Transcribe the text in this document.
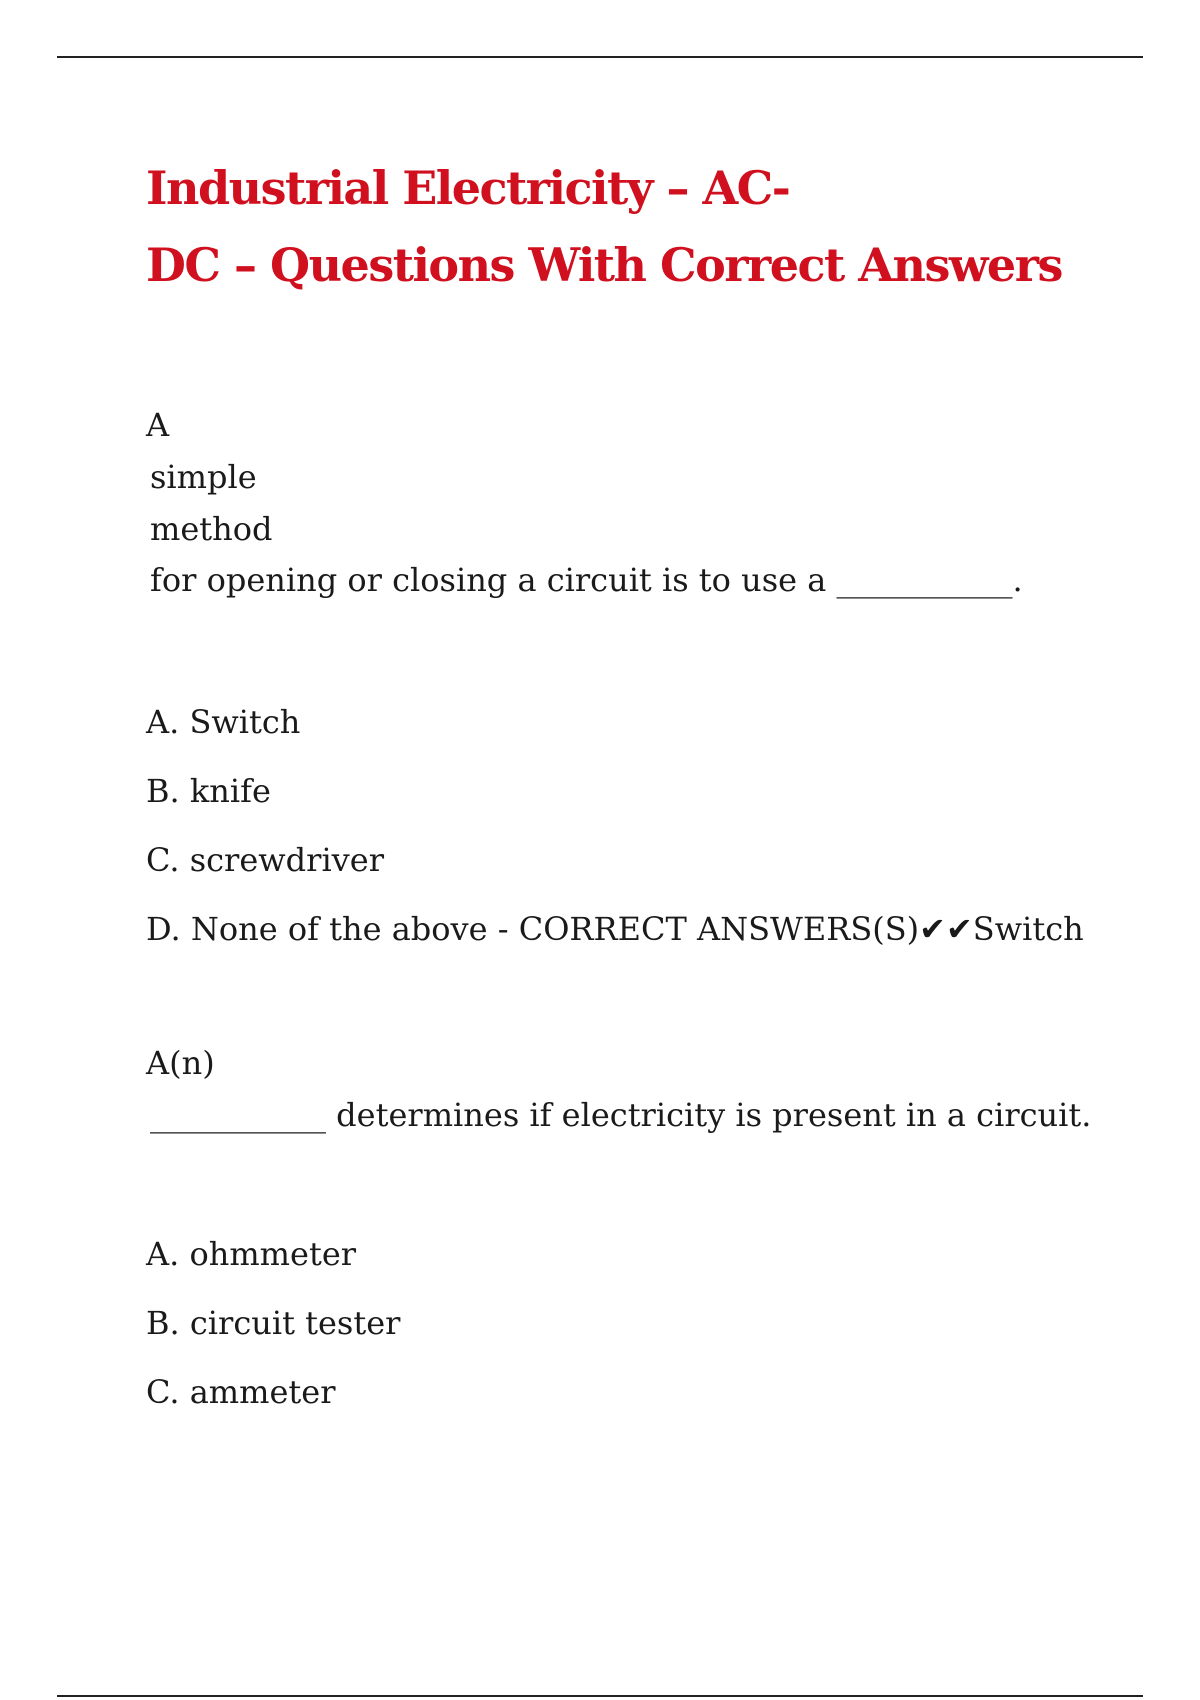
Industrial Electricity – AC-
DC – Questions With Correct Answers
A
simple
method
for opening or closing a circuit is to use a ___________.
A. Switch
B. knife
C. screwdriver
D. None of the above - CORRECT ANSWERS(S)✔✔Switch
A(n)
___________ determines if electricity is present in a circuit.
A. ohmmeter
B. circuit tester
C. ammeter
